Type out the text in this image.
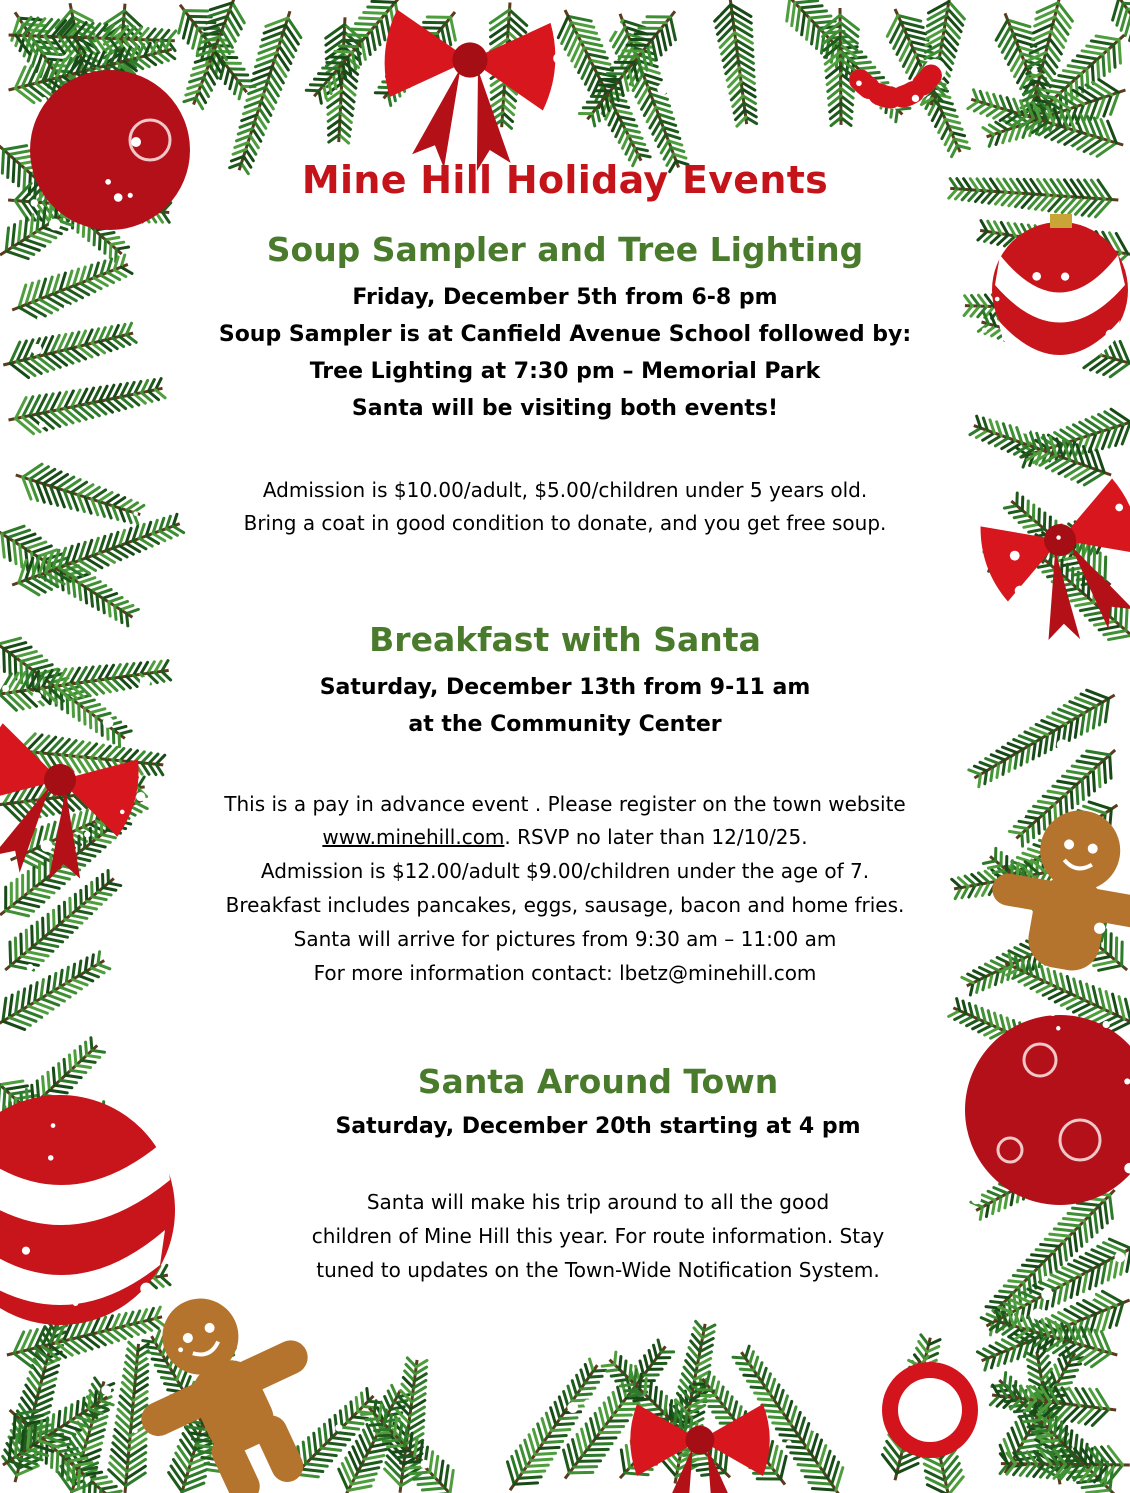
Mine Hill Holiday Events
Soup Sampler and Tree Lighting

Friday, December 5th from 6-8 pm

Soup Sampler is at Canfield Avenue School followed by:

Tree Lighting at 7:30 pm – Memorial Park

Santa will be visiting both events!

Admission is $10.00/adult, $5.00/children under 5 years old.

Bring a coat in good condition to donate, and you get free soup.

Breakfast with Santa

Saturday, December 13th from 9-11 am

at the Community Center

This is a pay in advance event . Please register on the town website

www.minehill.com. RSVP no later than 12/10/25.

Admission is $12.00/adult $9.00/children under the age of 7.

Breakfast includes pancakes, eggs, sausage, bacon and home fries.

Santa will arrive for pictures from 9:30 am – 11:00 am

For more information contact: lbetz@minehill.com

Santa Around Town

Saturday, December 20th starting at 4 pm

Santa will make his trip around to all the good

children of Mine Hill this year. For route information. Stay

tuned to updates on the Town-Wide Notification System.
